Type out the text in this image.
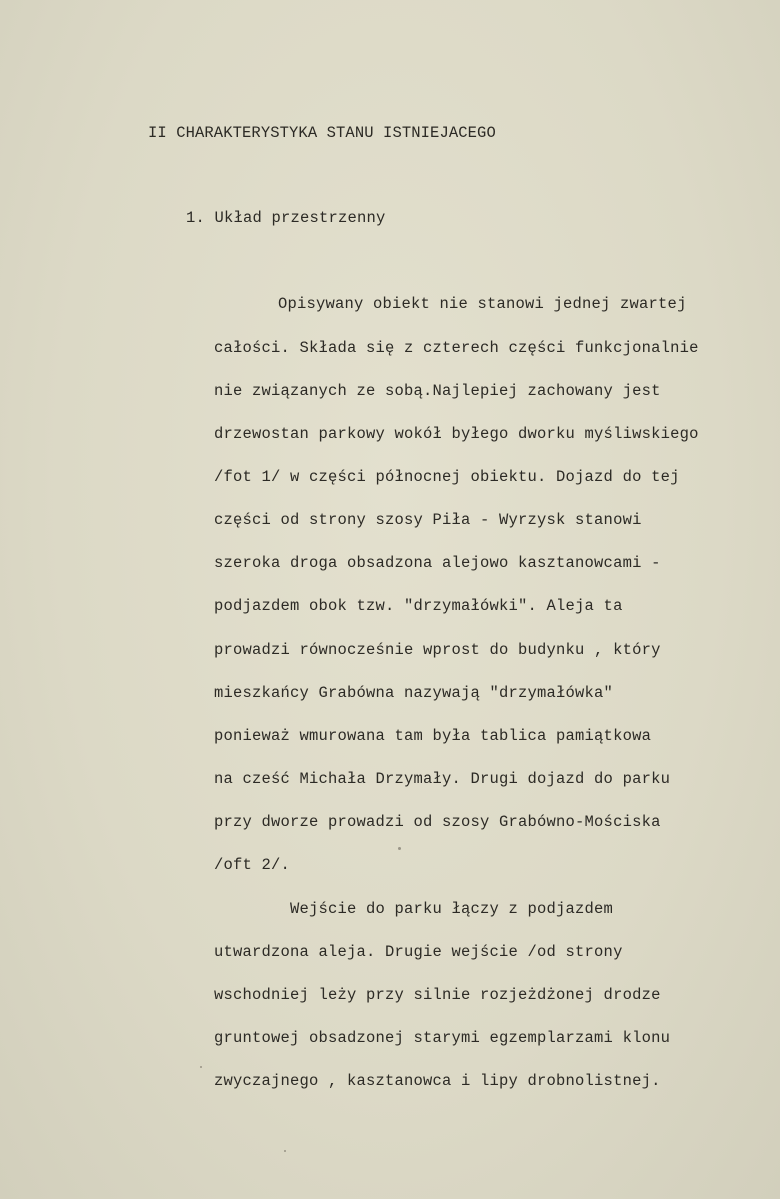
II CHARAKTERYSTYKA STANU ISTNIEJACEGO
1. Układ przestrzenny
Opisywany obiekt nie stanowi jednej zwartej
całości. Składa się z czterech części funkcjonalnie
nie związanych ze sobą.Najlepiej zachowany jest
drzewostan parkowy wokół byłego dworku myśliwskiego
/fot 1/ w części północnej obiektu. Dojazd do tej
części od strony szosy Piła - Wyrzysk stanowi
szeroka droga obsadzona alejowo kasztanowcami -
podjazdem obok tzw. "drzymałówki". Aleja ta
prowadzi równocześnie wprost do budynku , który
mieszkańcy Grabówna nazywają "drzymałówka"
ponieważ wmurowana tam była tablica pamiątkowa
na cześć Michała Drzymały. Drugi dojazd do parku
przy dworze prowadzi od szosy Grabówno-Mościska
/oft 2/.
Wejście do parku łączy z podjazdem
utwardzona aleja. Drugie wejście /od strony
wschodniej leży przy silnie rozjeżdżonej drodze
gruntowej obsadzonej starymi egzemplarzami klonu
zwyczajnego , kasztanowca i lipy drobnolistnej.
